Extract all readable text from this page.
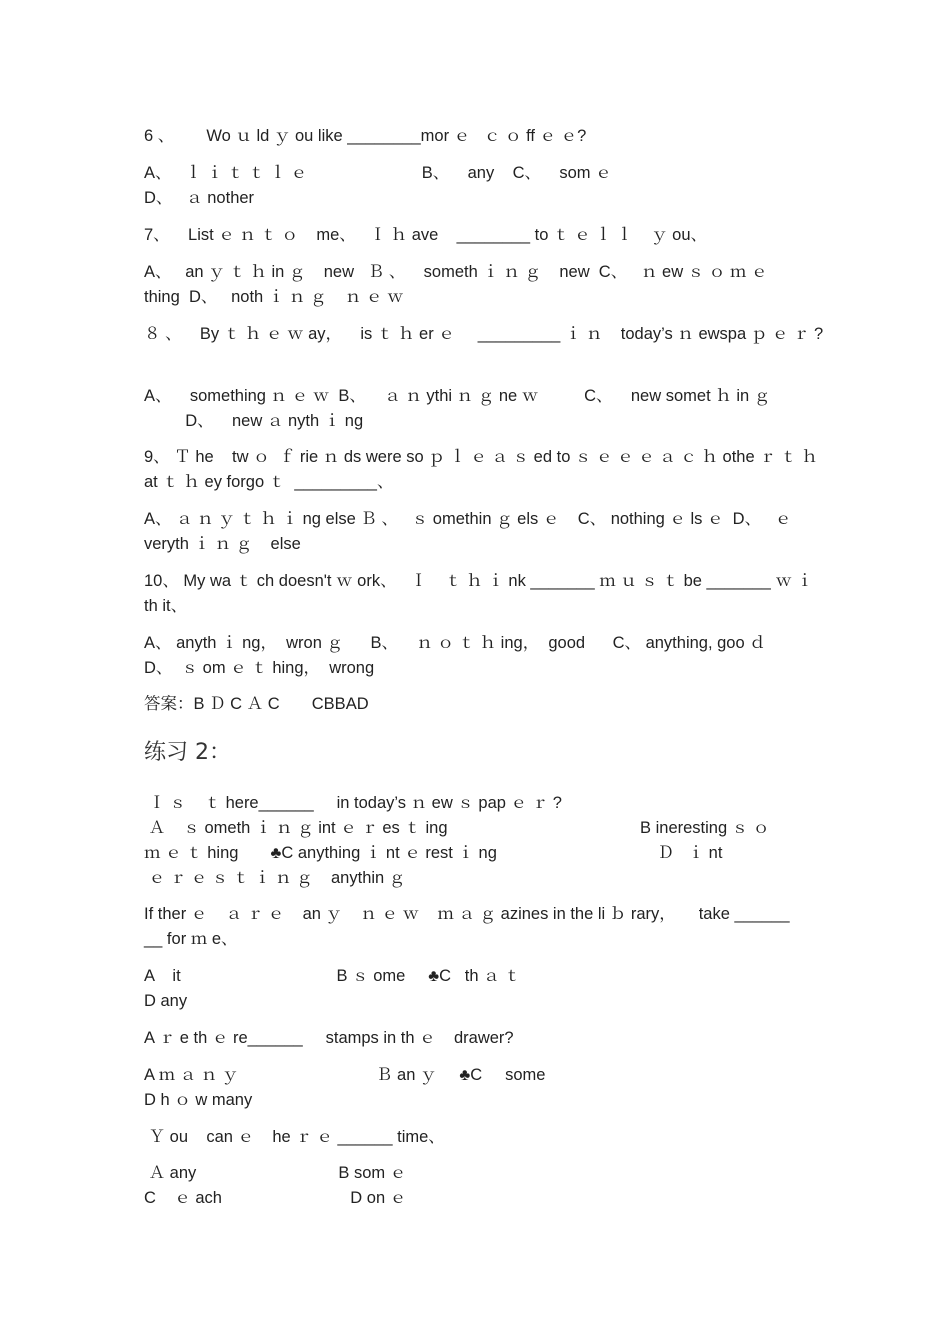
6 、       Wo ｕ ld ｙ ou like ________mor ｅ   ｃ ｏ ff ｅ ｅ?
A、   ｌ ｉ ｔ ｔ ｌ ｅ                         B、    any    C、    som ｅ
D、   ａ nother
7、    List ｅ ｎ ｔ ｏ    me、   Ｉ ｈ ave    ________ to ｔ ｅ ｌ ｌ    ｙ ou、
A、   an ｙ ｔ ｈ in ｇ    new   Ｂ 、    someth ｉ ｎ ｇ    new  C、   ｎ ew ｓ ｏ ｍ ｅ
thing  D、   noth ｉ ｎ ｇ    ｎ ｅ ｗ
８ 、    By ｔ ｈ ｅ ｗ ay，    is ｔ ｈ er ｅ     _________ ｉ ｎ    today’s ｎ ewspa ｐ ｅ ｒ ?
A、    something ｎ ｅ ｗ  B、    ａ ｎ ythi ｎ ｇ ne ｗ          C、    new somet ｈ in ｇ
D、    new ａ nyth ｉ ng
9、 Ｔ he    tw ｏ  ｆ rie ｎ ds were so ｐ ｌ ｅ ａ ｓ ed to ｓ ｅ ｅ ｅ ａ ｃ ｈ othe ｒ ｔ ｈ
at ｔ ｈ ey forgo ｔ  _________、
A、 ａ ｎ ｙ ｔ ｈ ｉ ng else Ｂ 、   ｓ omethin ｇ els ｅ    C、 nothing ｅ ls ｅ  D、   ｅ
veryth ｉ ｎ ｇ    else
10、 My wa ｔ ch doesn't ｗ ork、   Ｉ    ｔ ｈ ｉ nk _______ ｍ ｕ ｓ ｔ be _______ ｗ ｉ
th it、
A、 anyth ｉ ng，  wron ｇ      B、    ｎ ｏ ｔ ｈ ing，  good      C、 anything, goo ｄ
D、  ｓ om ｅ ｔ hing，  wrong
答案：B Ｄ C Ａ C       CBBAD
练习 2：
Ｉ ｓ    ｔ here______     in today’s ｎ ew ｓ pap ｅ ｒ ?
Ａ    ｓ ometh ｉ ｎ ｇ int ｅ ｒ es ｔ ing                                          B ineresting ｓ ｏ
ｍ ｅ ｔ hing       ♣C anything ｉ nt ｅ rest ｉ ng                                   Ｄ   ｉ nt
ｅ ｒ ｅ ｓ ｔ ｉ ｎ ｇ    anythin ｇ
If ther ｅ    ａ ｒ ｅ    an ｙ    ｎ ｅ ｗ    ｍ ａ ｇ azines in the li ｂ rary，     take ______
__ for ｍ e、
A    it                                  B ｓ ome     ♣C   th ａ ｔ
D any
A ｒ e th ｅ re______     stamps in th ｅ    drawer?
A ｍ ａ ｎ ｙ                              Ｂ an ｙ     ♣C     some
D h ｏ w many
Ｙ ou    can ｅ    he ｒ ｅ ______ time、
Ａ any                               B som ｅ
C    ｅ ach                            D on ｅ
